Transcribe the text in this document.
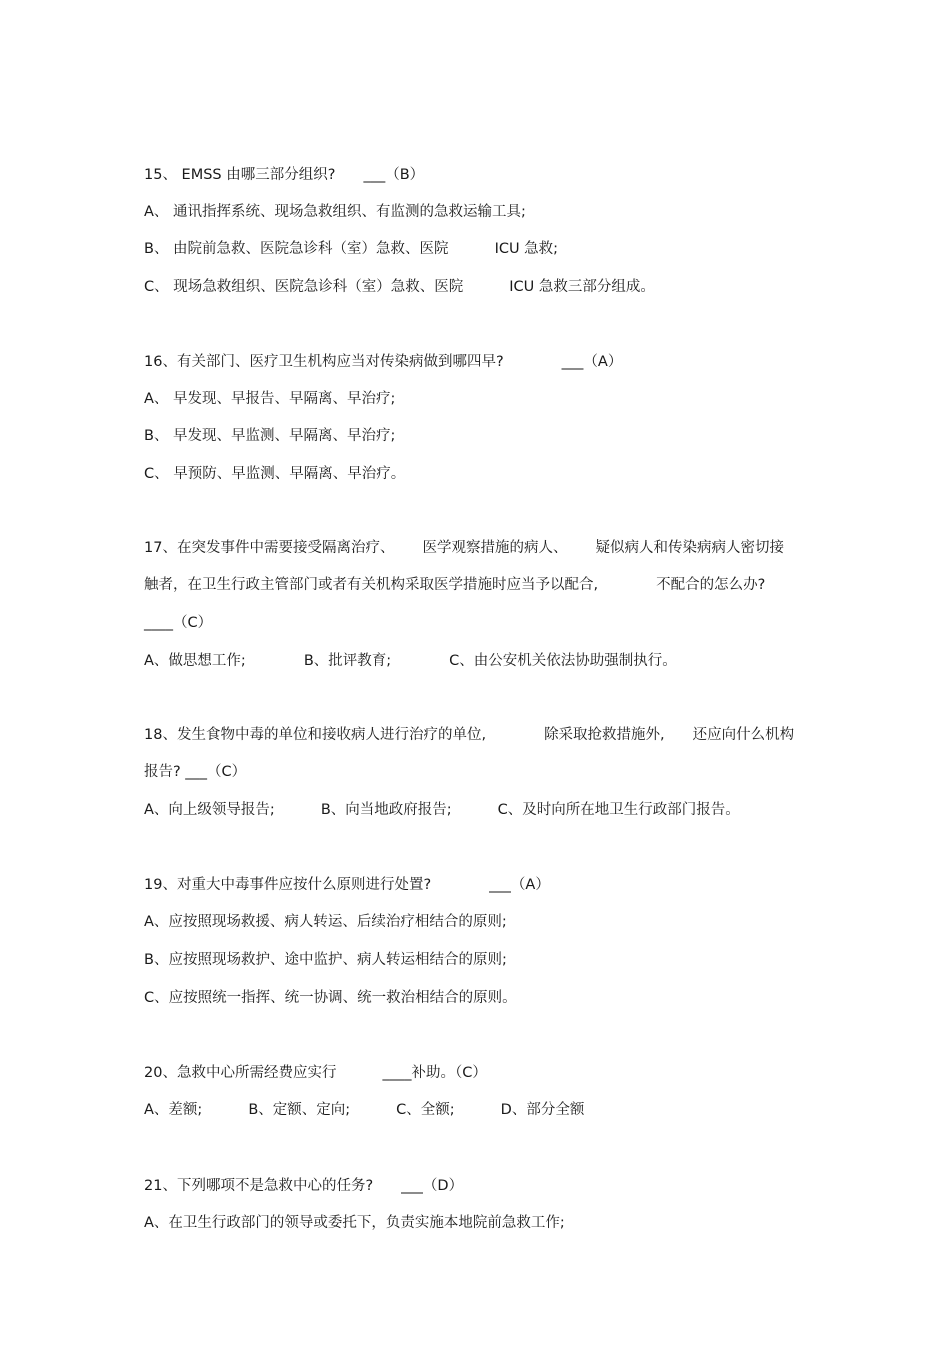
15、 EMSS 由哪三部分组织? ___（B）
A、 通讯指挥系统、现场急救组织、有监测的急救运输工具;
B、 由院前急救、医院急诊科（室）急救、医院	ICU 急救;
C、 现场急救组织、医院急诊科（室）急救、医院	ICU 急救三部分组成。
16、有关部门、医疗卫生机构应当对传染病做到哪四早?	___（A）
A、 早发现、早报告、早隔离、早治疗;
B、 早发现、早监测、早隔离、早治疗;
C、 早预防、早监测、早隔离、早治疗。
17、在突发事件中需要接受隔离治疗、 医学观察措施的病人、 疑似病人和传染病病人密切接
触者，在卫生行政主管部门或者有关机构采取医学措施时应当予以配合,	不配合的怎么办?
____（C）
A、做思想工作;	B、批评教育;	C、由公安机关依法协助强制执行。
18、发生食物中毒的单位和接收病人进行治疗的单位,	除采取抢救措施外, 还应向什么机构
报告? ___（C）
A、向上级领导报告;	B、向当地政府报告;	C、及时向所在地卫生行政部门报告。
19、对重大中毒事件应按什么原则进行处置?	___（A）
A、应按照现场救援、病人转运、后续治疗相结合的原则;
B、应按照现场救护、途中监护、病人转运相结合的原则;
C、应按照统一指挥、统一协调、统一救治相结合的原则。
20、急救中心所需经费应实行	____补助。（C）
A、差额;	B、定额、定向;	C、全额;	D、部分全额
21、下列哪项不是急救中心的任务? ___（D）
A、在卫生行政部门的领导或委托下，负责实施本地院前急救工作;
